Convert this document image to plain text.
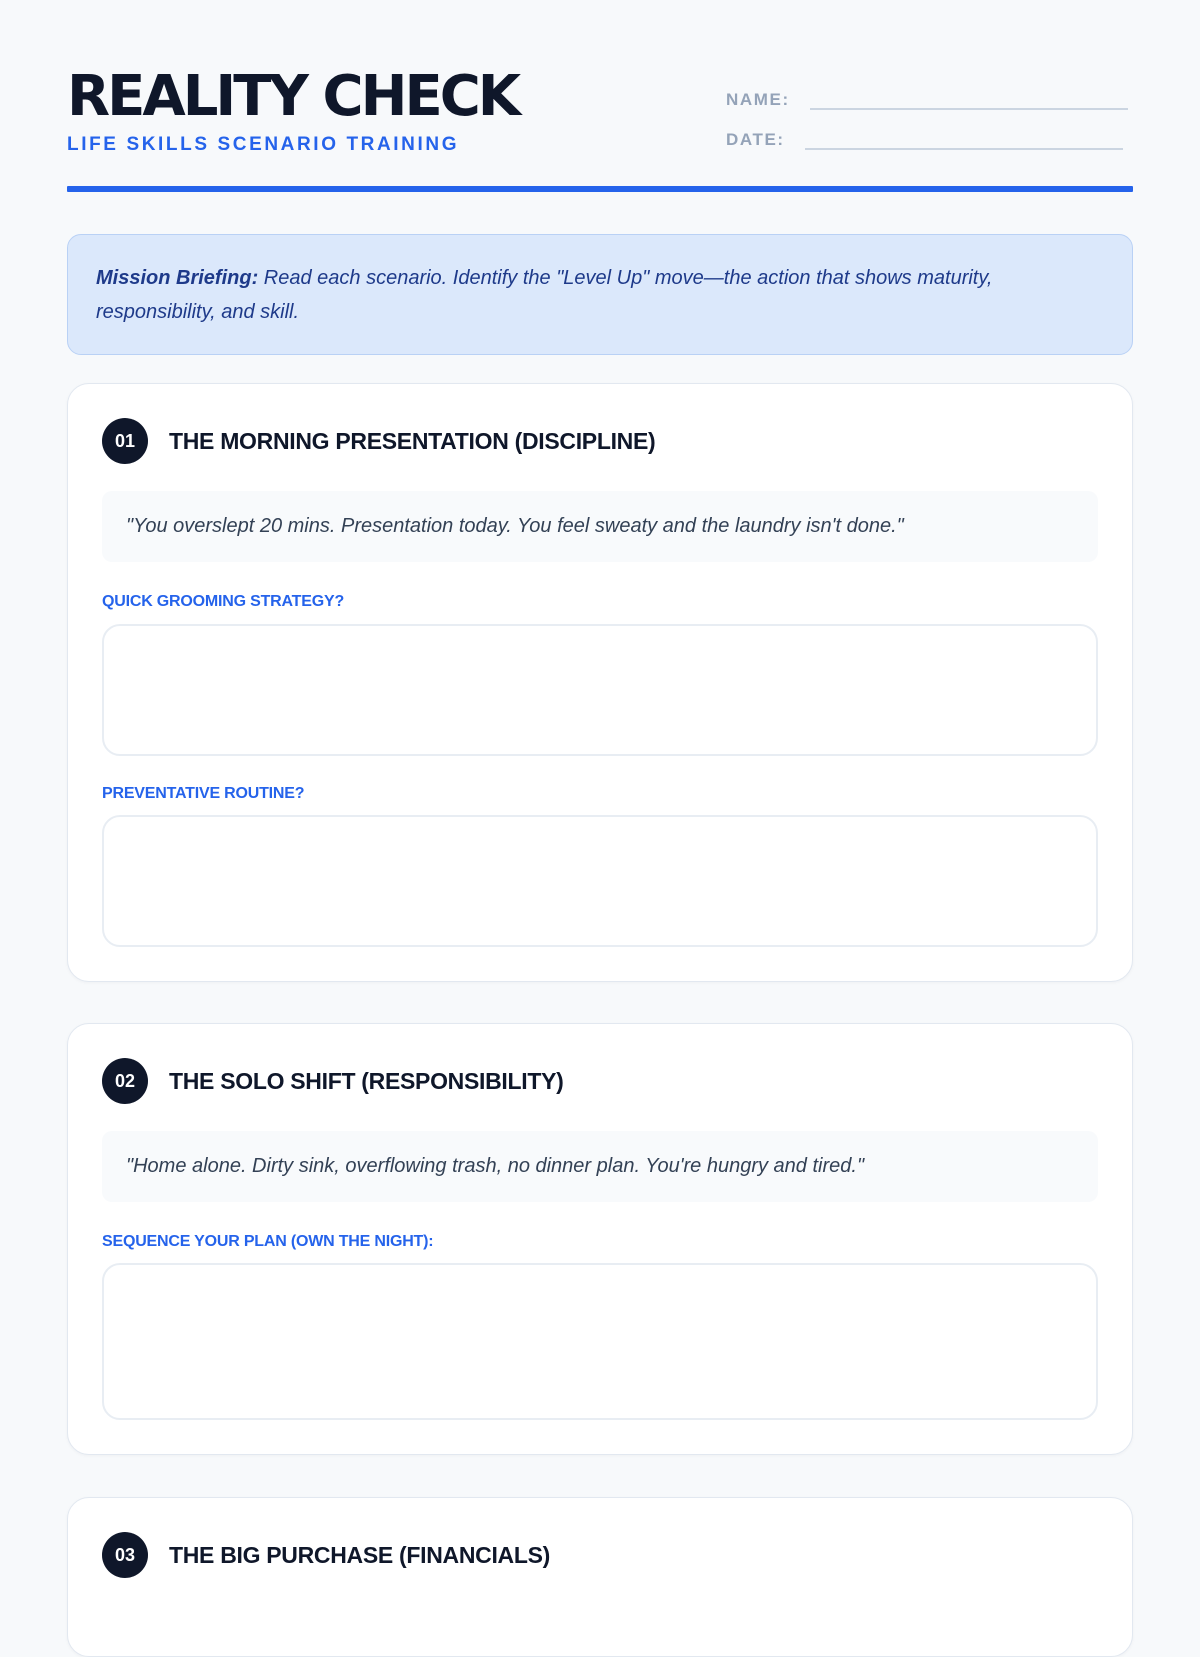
REALITY CHECK
LIFE SKILLS SCENARIO TRAINING
NAME:
DATE:
Mission Briefing: Read each scenario. Identify the "Level Up" move—the action that shows maturity, responsibility, and skill.
01	THE MORNING PRESENTATION (DISCIPLINE)
"You overslept 20 mins. Presentation today. You feel sweaty and the laundry isn't done."
QUICK GROOMING STRATEGY?
PREVENTATIVE ROUTINE?
02	THE SOLO SHIFT (RESPONSIBILITY)
"Home alone. Dirty sink, overflowing trash, no dinner plan. You're hungry and tired."
SEQUENCE YOUR PLAN (OWN THE NIGHT):
03	THE BIG PURCHASE (FINANCIALS)
